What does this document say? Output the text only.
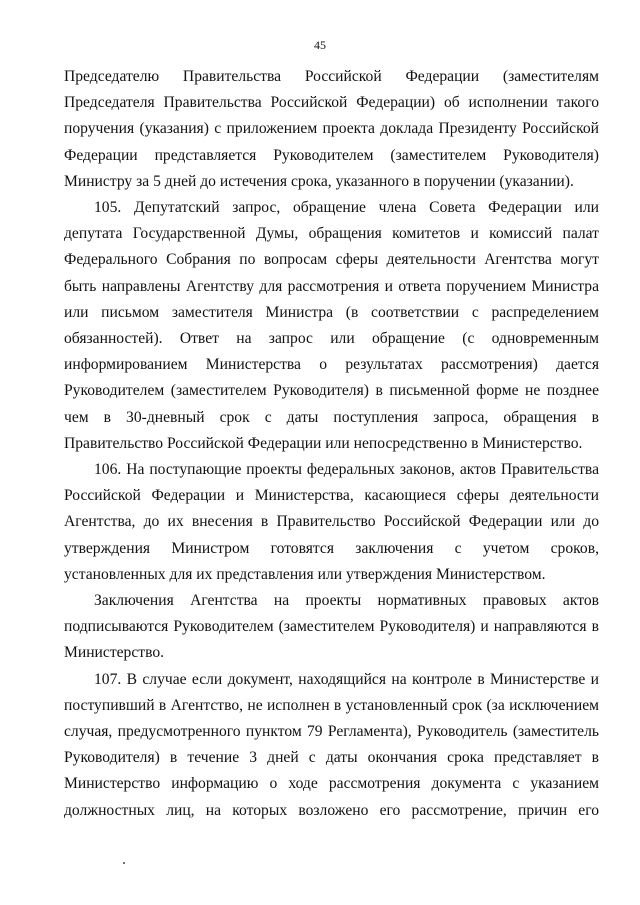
45

Председателю Правительства Российской Федерации (заместителям Председателя Правительства Российской Федерации) об исполнении такого поручения (указания) с приложением проекта доклада Президенту Российской Федерации представляется Руководителем (заместителем Руководителя) Министру за 5 дней до истечения срока, указанного в поручении (указании).

105. Депутатский запрос, обращение члена Совета Федерации или депутата Государственной Думы, обращения комитетов и комиссий палат Федерального Собрания по вопросам сферы деятельности Агентства могут быть направлены Агентству для рассмотрения и ответа поручением Министра или письмом заместителя Министра (в соответствии с распределением обязанностей). Ответ на запрос или обращение (с одновременным информированием Министерства о результатах рассмотрения) дается Руководителем (заместителем Руководителя) в письменной форме не позднее чем в 30-дневный срок с даты поступления запроса, обращения в Правительство Российской Федерации или непосредственно в Министерство.

106. На поступающие проекты федеральных законов, актов Правительства Российской Федерации и Министерства, касающиеся сферы деятельности Агентства, до их внесения в Правительство Российской Федерации или до утверждения Министром готовятся заключения с учетом сроков, установленных для их представления или утверждения Министерством.

Заключения Агентства на проекты нормативных правовых актов подписываются Руководителем (заместителем Руководителя) и направляются в Министерство.

107. В случае если документ, находящийся на контроле в Министерстве и поступивший в Агентство, не исполнен в установленный срок (за исключением случая, предусмотренного пунктом 79 Регламента), Руководитель (заместитель Руководителя) в течение 3 дней с даты окончания срока представляет в Министерство информацию о ходе рассмотрения документа с указанием должностных лиц, на которых возложено его рассмотрение, причин его
